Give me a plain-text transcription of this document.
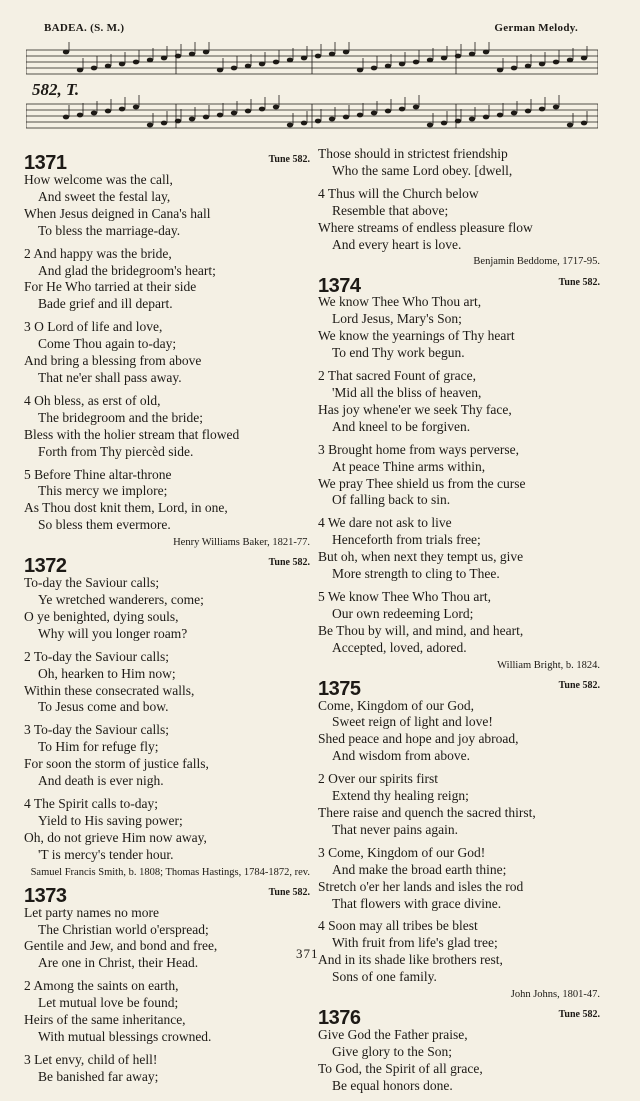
BADEA. (S. M.)	German Melody.
582, T.
1371	Tune 582.
How welcome was the call,
And sweet the festal lay,
When Jesus deigned in Cana's hall
To bless the marriage-day.
2 And happy was the bride,
And glad the bridegroom's heart;
For He Who tarried at their side
Bade grief and ill depart.
3 O Lord of life and love,
Come Thou again to-day;
And bring a blessing from above
That ne'er shall pass away.
4 Oh bless, as erst of old,
The bridegroom and the bride;
Bless with the holier stream that flowed
Forth from Thy piercèd side.
5 Before Thine altar-throne
This mercy we implore;
As Thou dost knit them, Lord, in one,
So bless them evermore.
Henry Williams Baker, 1821-77.
1372	Tune 582.
To-day the Saviour calls;
Ye wretched wanderers, come;
O ye benighted, dying souls,
Why will you longer roam?
2 To-day the Saviour calls;
Oh, hearken to Him now;
Within these consecrated walls,
To Jesus come and bow.
3 To-day the Saviour calls;
To Him for refuge fly;
For soon the storm of justice falls,
And death is ever nigh.
4 The Spirit calls to-day;
Yield to His saving power;
Oh, do not grieve Him now away,
'T is mercy's tender hour.
Samuel Francis Smith, b. 1808; Thomas Hastings, 1784-1872, rev.
1373	Tune 582.
Let party names no more
The Christian world o'erspread;
Gentile and Jew, and bond and free,
Are one in Christ, their Head.
2 Among the saints on earth,
Let mutual love be found;
Heirs of the same inheritance,
With mutual blessings crowned.
3 Let envy, child of hell!
Be banished far away;
Those should in strictest friendship
Who the same Lord obey. [dwell,
4 Thus will the Church below
Resemble that above;
Where streams of endless pleasure flow
And every heart is love.
Benjamin Beddome, 1717-95.
1374	Tune 582.
We know Thee Who Thou art,
Lord Jesus, Mary's Son;
We know the yearnings of Thy heart
To end Thy work begun.
2 That sacred Fount of grace,
'Mid all the bliss of heaven,
Has joy whene'er we seek Thy face,
And kneel to be forgiven.
3 Brought home from ways perverse,
At peace Thine arms within,
We pray Thee shield us from the curse
Of falling back to sin.
4 We dare not ask to live
Henceforth from trials free;
But oh, when next they tempt us, give
More strength to cling to Thee.
5 We know Thee Who Thou art,
Our own redeeming Lord;
Be Thou by will, and mind, and heart,
Accepted, loved, adored.
William Bright, b. 1824.
1375	Tune 582.
Come, Kingdom of our God,
Sweet reign of light and love!
Shed peace and hope and joy abroad,
And wisdom from above.
2 Over our spirits first
Extend thy healing reign;
There raise and quench the sacred thirst,
That never pains again.
3 Come, Kingdom of our God!
And make the broad earth thine;
Stretch o'er her lands and isles the rod
That flowers with grace divine.
4 Soon may all tribes be blest
With fruit from life's glad tree;
And in its shade like brothers rest,
Sons of one family.
John Johns, 1801-47.
1376	Tune 582.
Give God the Father praise,
Give glory to the Son;
To God, the Spirit of all grace,
Be equal honors done.
371
